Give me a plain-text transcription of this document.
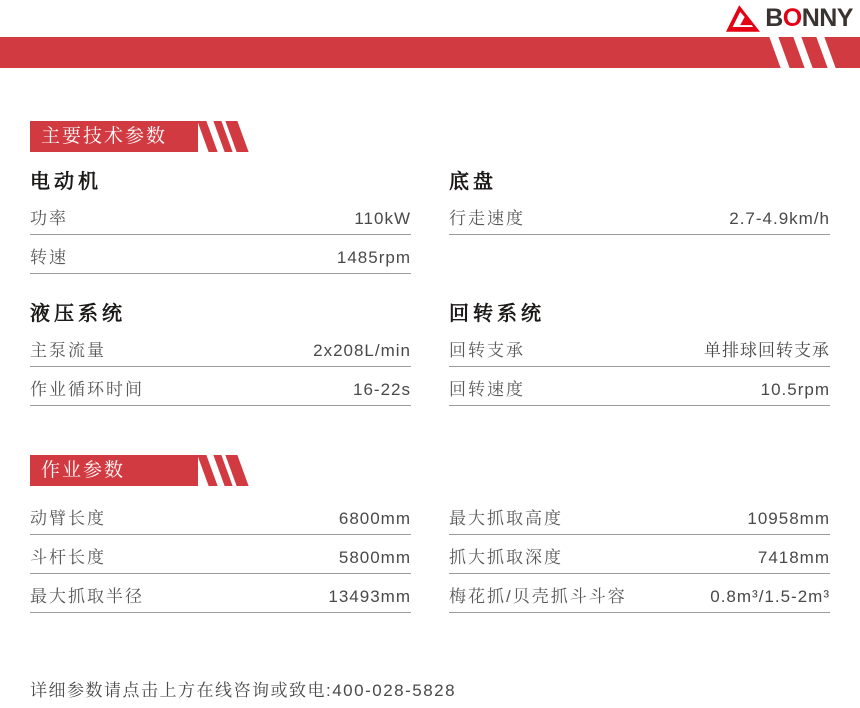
BONNY
主要技术参数
电动机
功率	110kW
转速	1485rpm
底盘
行走速度	2.7-4.9km/h
液压系统
主泵流量	2x208L/min
作业循环时间	16-22s
回转系统
回转支承	单排球回转支承
回转速度	10.5rpm
作业参数
动臂长度	6800mm
斗杆长度	5800mm
最大抓取半径	13493mm
最大抓取高度	10958mm
抓大抓取深度	7418mm
梅花抓/贝壳抓斗斗容	0.8m³/1.5-2m³
详细参数请点击上方在线咨询或致电:400-028-5828
